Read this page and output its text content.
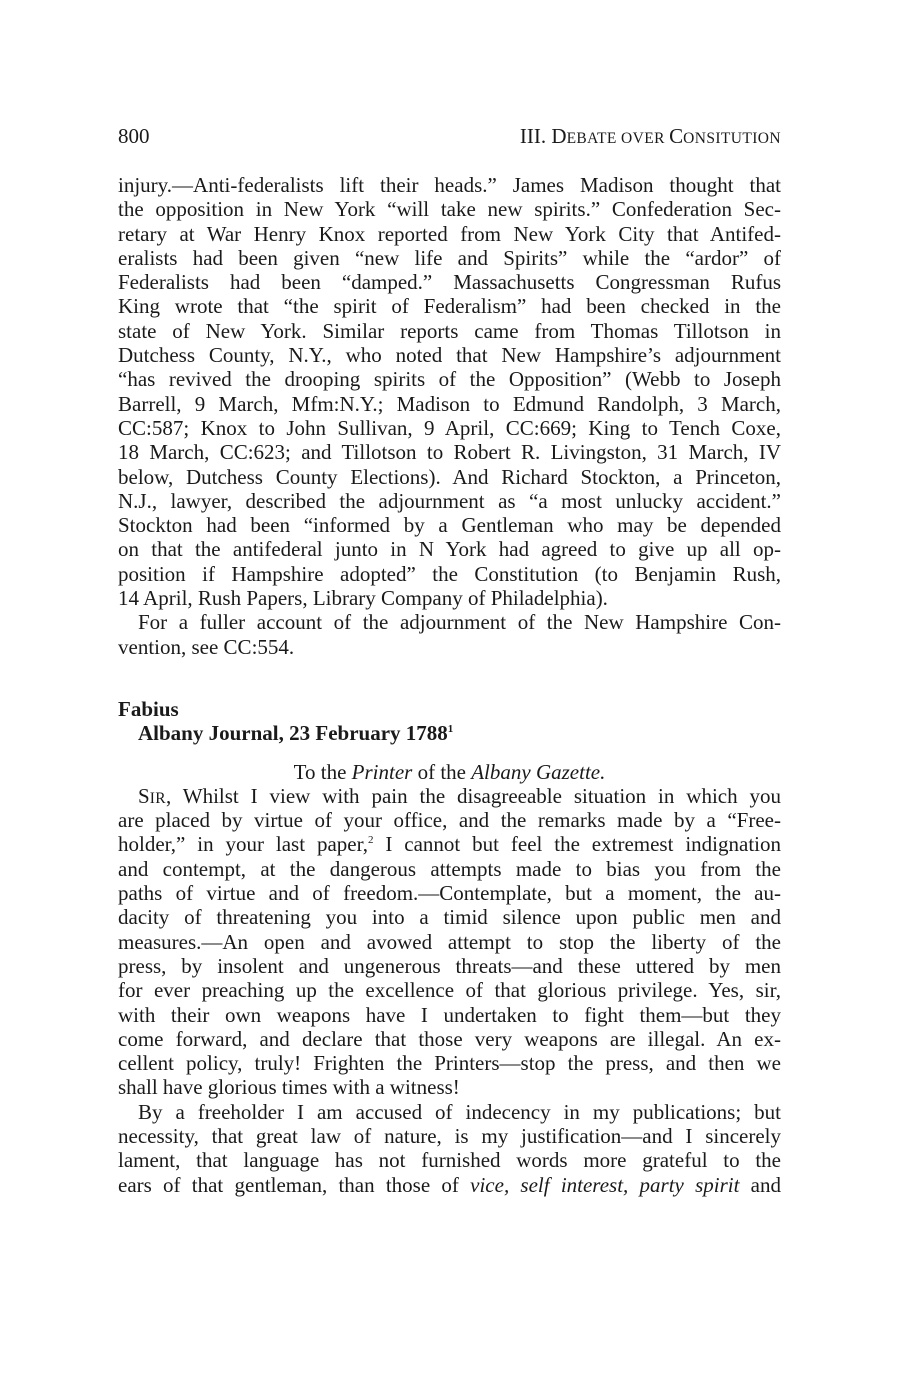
800	III. DEBATE OVER CONSITUTION
injury.—Anti-federalists lift their heads.” James Madison thought that
the opposition in New York “will take new spirits.” Confederation Sec-
retary at War Henry Knox reported from New York City that Antifed-
eralists had been given “new life and Spirits” while the “ardor” of
Federalists had been “damped.” Massachusetts Congressman Rufus
King wrote that “the spirit of Federalism” had been checked in the
state of New York. Similar reports came from Thomas Tillotson in
Dutchess County, N.Y., who noted that New Hampshire’s adjournment
“has revived the drooping spirits of the Opposition” (Webb to Joseph
Barrell, 9 March, Mfm:N.Y.; Madison to Edmund Randolph, 3 March,
CC:587; Knox to John Sullivan, 9 April, CC:669; King to Tench Coxe,
18 March, CC:623; and Tillotson to Robert R. Livingston, 31 March, IV
below, Dutchess County Elections). And Richard Stockton, a Princeton,
N.J., lawyer, described the adjournment as “a most unlucky accident.”
Stockton had been “informed by a Gentleman who may be depended
on that the antifederal junto in N York had agreed to give up all op-
position if Hampshire adopted” the Constitution (to Benjamin Rush,
14 April, Rush Papers, Library Company of Philadelphia).
For a fuller account of the adjournment of the New Hampshire Con-
vention, see CC:554.
Fabius
Albany Journal, 23 February 1788$^1$
To the Printer of the Albany Gazette.
SIR, Whilst I view with pain the disagreeable situation in which you
are placed by virtue of your office, and the remarks made by a “Free-
holder,” in your last paper,$^2$ I cannot but feel the extremest indignation
and contempt, at the dangerous attempts made to bias you from the
paths of virtue and of freedom.—Contemplate, but a moment, the au-
dacity of threatening you into a timid silence upon public men and
measures.—An open and avowed attempt to stop the liberty of the
press, by insolent and ungenerous threats—and these uttered by men
for ever preaching up the excellence of that glorious privilege. Yes, sir,
with their own weapons have I undertaken to fight them—but they
come forward, and declare that those very weapons are illegal. An ex-
cellent policy, truly! Frighten the Printers—stop the press, and then we
shall have glorious times with a witness!
By a freeholder I am accused of indecency in my publications; but
necessity, that great law of nature, is my justification—and I sincerely
lament, that language has not furnished words more grateful to the
ears of that gentleman, than those of vice, self interest, party spirit and
